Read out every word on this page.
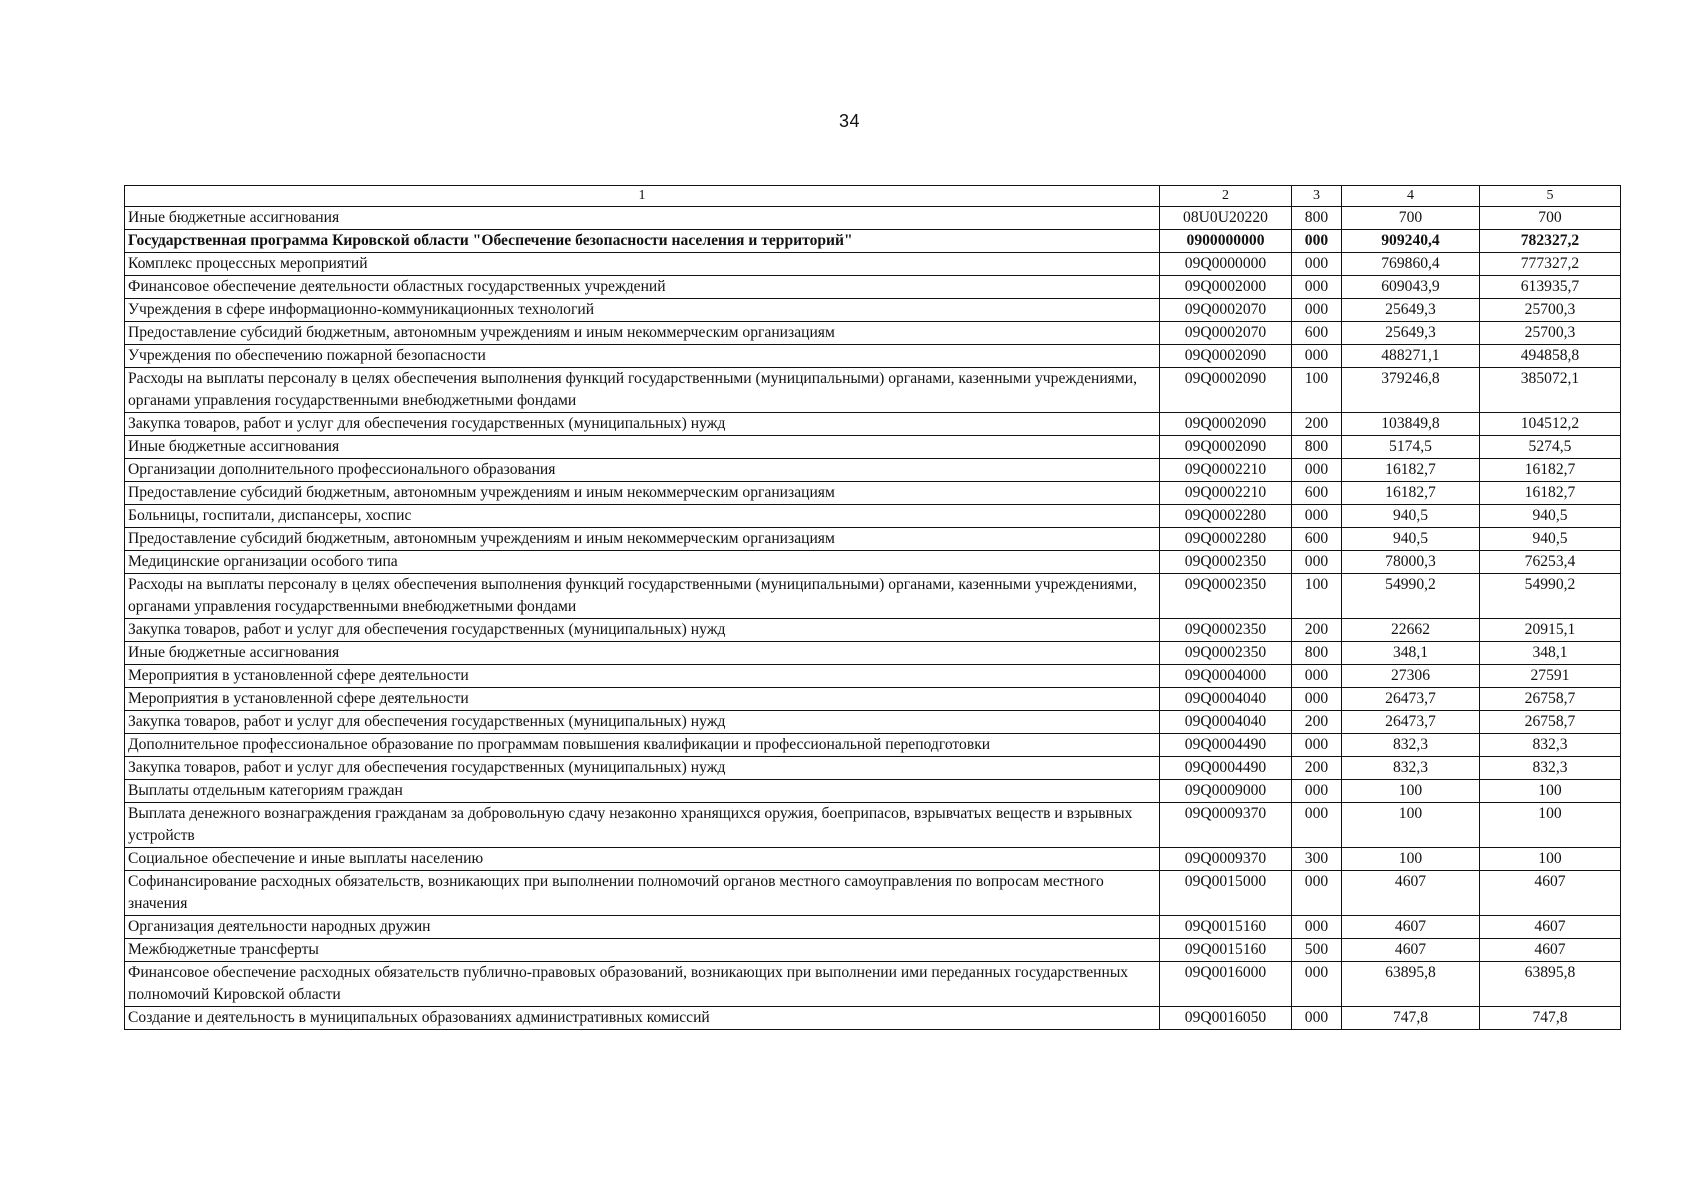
34
1	2	3	4	5
Иные бюджетные ассигнования	08U0U20220	800	700	700
Государственная программа Кировской области "Обеспечение безопасности населения и территорий"	0900000000	000	909240,4	782327,2
Комплекс процессных мероприятий	09Q0000000	000	769860,4	777327,2
Финансовое обеспечение деятельности областных государственных учреждений	09Q0002000	000	609043,9	613935,7
Учреждения в сфере информационно-коммуникационных технологий	09Q0002070	000	25649,3	25700,3
Предоставление субсидий бюджетным, автономным учреждениям и иным некоммерческим организациям	09Q0002070	600	25649,3	25700,3
Учреждения по обеспечению пожарной безопасности	09Q0002090	000	488271,1	494858,8
Расходы на выплаты персоналу в целях обеспечения выполнения функций государственными (муниципальными) органами, казенными учреждениями, органами управления государственными внебюджетными фондами	09Q0002090	100	379246,8	385072,1
Закупка товаров, работ и услуг для обеспечения государственных (муниципальных) нужд	09Q0002090	200	103849,8	104512,2
Иные бюджетные ассигнования	09Q0002090	800	5174,5	5274,5
Организации дополнительного профессионального образования	09Q0002210	000	16182,7	16182,7
Предоставление субсидий бюджетным, автономным учреждениям и иным некоммерческим организациям	09Q0002210	600	16182,7	16182,7
Больницы, госпитали, диспансеры, хоспис	09Q0002280	000	940,5	940,5
Предоставление субсидий бюджетным, автономным учреждениям и иным некоммерческим организациям	09Q0002280	600	940,5	940,5
Медицинские организации особого типа	09Q0002350	000	78000,3	76253,4
Расходы на выплаты персоналу в целях обеспечения выполнения функций государственными (муниципальными) органами, казенными учреждениями, органами управления государственными внебюджетными фондами	09Q0002350	100	54990,2	54990,2
Закупка товаров, работ и услуг для обеспечения государственных (муниципальных) нужд	09Q0002350	200	22662	20915,1
Иные бюджетные ассигнования	09Q0002350	800	348,1	348,1
Мероприятия в установленной сфере деятельности	09Q0004000	000	27306	27591
Мероприятия в установленной сфере деятельности	09Q0004040	000	26473,7	26758,7
Закупка товаров, работ и услуг для обеспечения государственных (муниципальных) нужд	09Q0004040	200	26473,7	26758,7
Дополнительное профессиональное образование по программам повышения квалификации и профессиональной переподготовки	09Q0004490	000	832,3	832,3
Закупка товаров, работ и услуг для обеспечения государственных (муниципальных) нужд	09Q0004490	200	832,3	832,3
Выплаты отдельным категориям граждан	09Q0009000	000	100	100
Выплата денежного вознаграждения гражданам за добровольную сдачу незаконно хранящихся оружия, боеприпасов, взрывчатых веществ и взрывных устройств	09Q0009370	000	100	100
Социальное обеспечение и иные выплаты населению	09Q0009370	300	100	100
Софинансирование расходных обязательств, возникающих при выполнении полномочий органов местного самоуправления по вопросам местного значения	09Q0015000	000	4607	4607
Организация деятельности народных дружин	09Q0015160	000	4607	4607
Межбюджетные трансферты	09Q0015160	500	4607	4607
Финансовое обеспечение расходных обязательств публично-правовых образований, возникающих при выполнении ими переданных государственных полномочий Кировской области	09Q0016000	000	63895,8	63895,8
Создание и деятельность в муниципальных образованиях административных комиссий	09Q0016050	000	747,8	747,8
